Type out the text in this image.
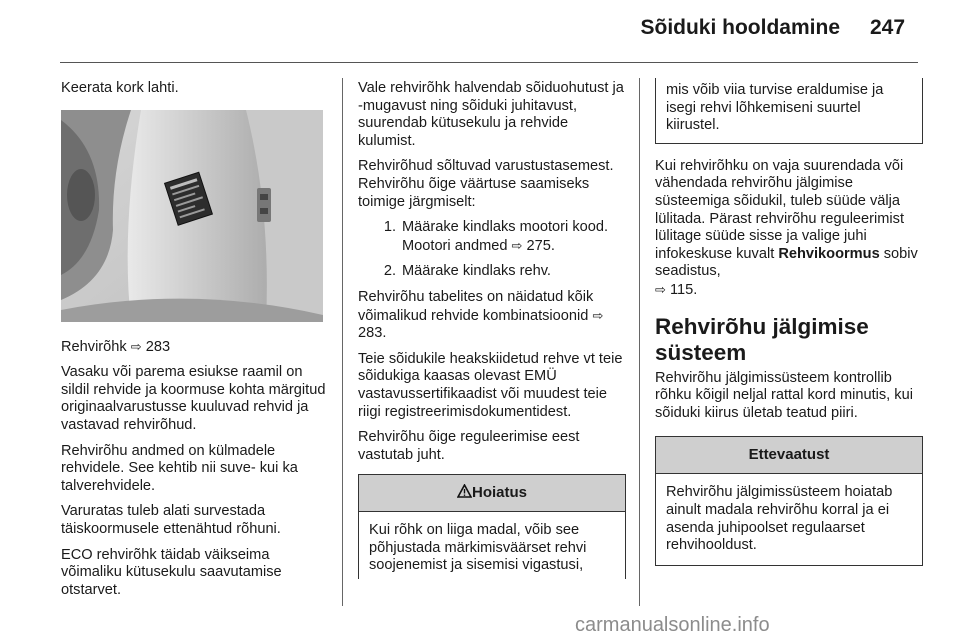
Sõiduki hooldamine 247

Keerata kork lahti.

Rehvirõhk ⇨ 283

Vasaku või parema esiukse raamil on sildil rehvide ja koormuse kohta märgitud originaalvarustusse kuuluvad rehvid ja vastavad rehvirõhud.

Rehvirõhu andmed on külmadele rehvidele. See kehtib nii suve- kui ka talverehvidele.

Varuratas tuleb alati survestada täiskoormusele ettenähtud rõhuni.

ECO rehvirõhk täidab väikseima võimaliku kütusekulu saavutamise otstarvet.

Vale rehvirõhk halvendab sõiduohutust ja -mugavust ning sõiduki juhitavust, suurendab kütusekulu ja rehvide kulumist.

Rehvirõhud sõltuvad varustustasemest. Rehvirõhu õige väärtuse saamiseks toimige järgmiselt:

1. Määrake kindlaks mootori kood. Mootori andmed ⇨ 275.
2. Määrake kindlaks rehv.

Rehvirõhu tabelites on näidatud kõik võimalikud rehvide kombinatsioonid ⇨ 283.

Teie sõidukile heakskiidetud rehve vt teie sõidukiga kaasas olevast EMÜ vastavussertifikaadist või muudest teie riigi registreerimisdokumentidest.

Rehvirõhu õige reguleerimise eest vastutab juht.

Hoiatus
Kui rõhk on liiga madal, võib see põhjustada märkimisväärset rehvi soojenemist ja sisemisi vigastusi,
mis võib viia turvise eraldumise ja isegi rehvi lõhkemiseni suurtel kiirustel.

Kui rehvirõhku on vaja suurendada või vähendada rehvirõhu jälgimise süsteemiga sõidukil, tuleb süüde välja lülitada. Pärast rehvirõhu reguleerimist lülitage süüde sisse ja valige juhi infokeskuse kuvalt Rehvikoormus sobiv seadistus,
⇨ 115.

Rehvirõhu jälgimise süsteem

Rehvirõhu jälgimissüsteem kontrollib rõhku kõigil neljal rattal kord minutis, kui sõiduki kiirus ületab teatud piiri.

Ettevaatust
Rehvirõhu jälgimissüsteem hoiatab ainult madala rehvirõhu korral ja ei asenda juhipoolset regulaarset rehvihooldust.
carmanualsonline.info
